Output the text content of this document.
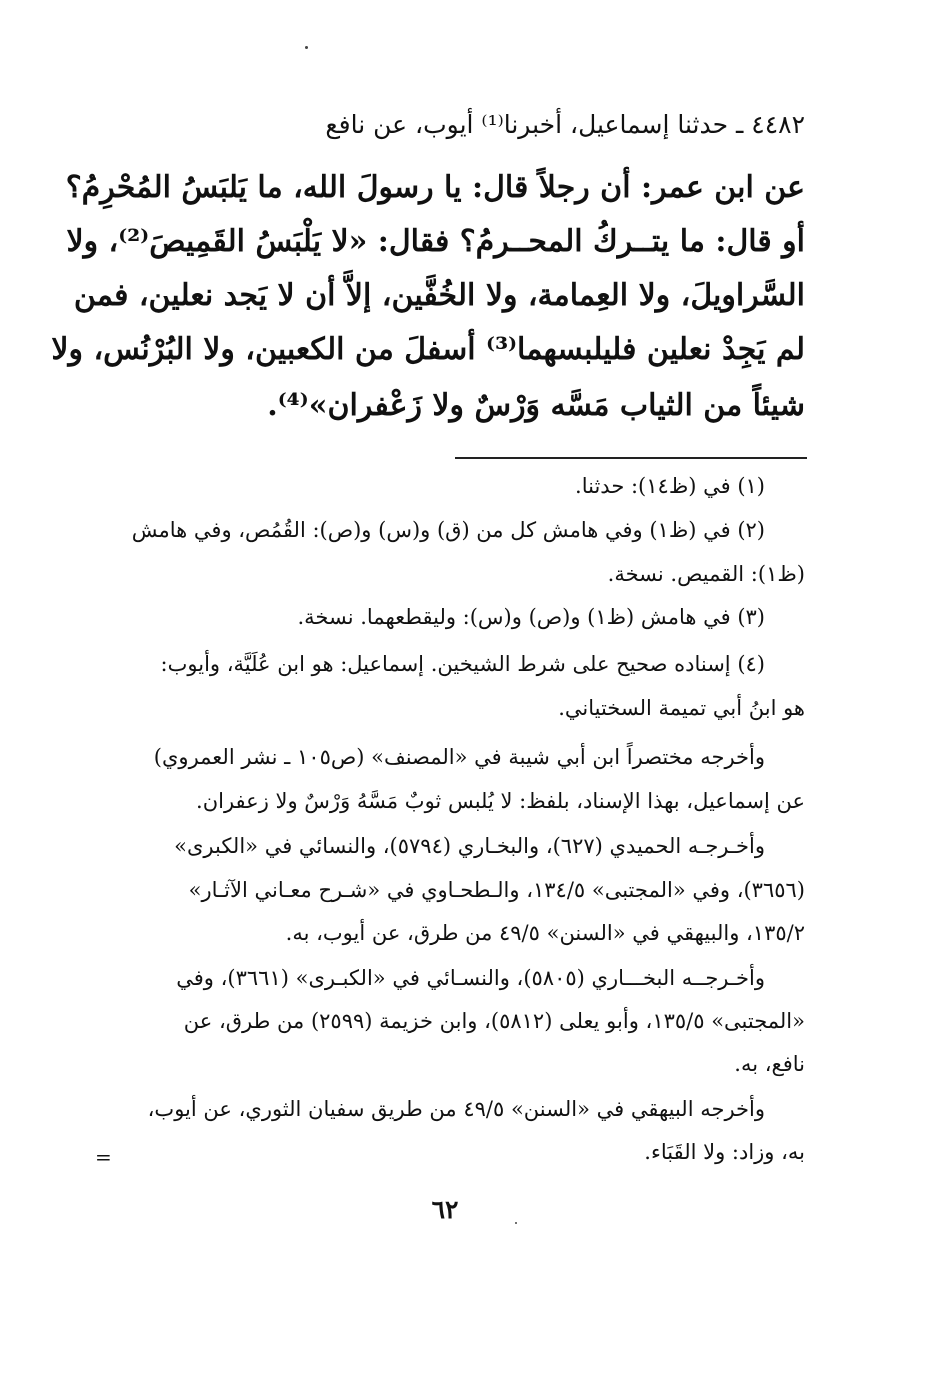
٤٤٨٢ ـ حدثنا إسماعيل، أخبرنا⁽¹⁾ أيوب، عن نافع
عن ابن عمر: أن رجلاً قال: يا رسولَ الله، ما يَلبَسُ المُحْرِمُ؟
أو قال: ما يتــركُ المحــرمُ؟ فقال: «لا يَلْبَسُ القَمِيصَ⁽²⁾، ولا
السَّراويلَ، ولا العِمامة، ولا الخُفَّين، إلاَّ أن لا يَجد نعلين، فمن
لم يَجِدْ نعلين فليلبسهما⁽³⁾ أسفلَ من الكعبين، ولا البُرْنُس، ولا
شيئاً من الثياب مَسَّه وَرْسٌ ولا زَعْفران»⁽⁴⁾.
(١) في (ظ١٤): حدثنا.
(٢) في (ظ١) وفي هامش كل من (ق) و(س) و(ص): القُمُص، وفي هامش
(ظ١): القميص. نسخة.
(٣) في هامش (ظ١) و(ص) و(س): وليقطعهما. نسخة.
(٤) إسناده صحيح على شرط الشيخين. إسماعيل: هو ابن عُلَيَّة، وأيوب:
هو ابنُ أبي تميمة السختياني.
وأخرجه مختصراً ابن أبي شيبة في «المصنف» (ص١٠٥ ـ نشر العمروي)
عن إسماعيل، بهذا الإسناد، بلفظ: لا يُلبس ثوبٌ مَسَّهُ وَرْسٌ ولا زعفران.
وأخـرجـه الحميدي (٦٢٧)، والبخـاري (٥٧٩٤)، والنسائي في «الكبرى»
(٣٦٥٦)، وفي «المجتبى» ١٣٤/٥، والـطحـاوي في «شـرح معـاني الآثـار»
١٣٥/٢، والبيهقي في «السنن» ٤٩/٥ من طرق، عن أيوب، به.
وأخـرجــه البخـــاري (٥٨٠٥)، والنسـائي في «الكبـرى» (٣٦٦١)، وفي
«المجتبى» ١٣٥/٥، وأبو يعلى (٥٨١٢)، وابن خزيمة (٢٥٩٩) من طرق، عن
نافع، به.
وأخرجه البيهقي في «السنن» ٤٩/٥ من طريق سفيان الثوري، عن أيوب،
به، وزاد: ولا القَبَاء.
=
٦٢
